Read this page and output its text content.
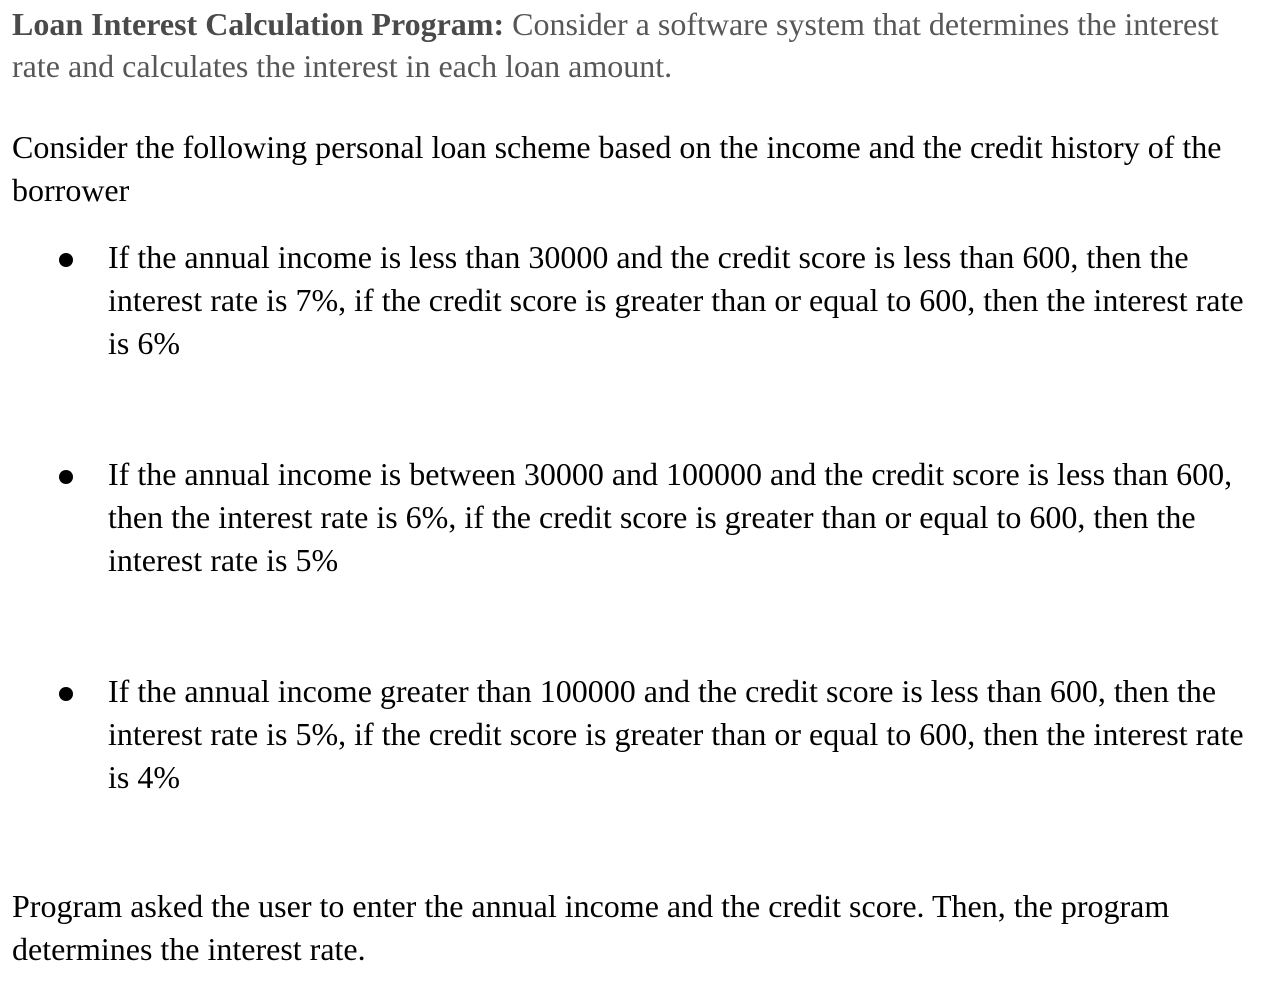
Loan Interest Calculation Program: Consider a software system that determines the interest rate and calculates the interest in each loan amount.

Consider the following personal loan scheme based on the income and the credit history of the borrower

If the annual income is less than 30000 and the credit score is less than 600, then the interest rate is 7%, if the credit score is greater than or equal to 600, then the interest rate is 6%
If the annual income is between 30000 and 100000 and the credit score is less than 600, then the interest rate is 6%, if the credit score is greater than or equal to 600, then the interest rate is 5%
If the annual income greater than 100000 and the credit score is less than 600, then the interest rate is 5%, if the credit score is greater than or equal to 600, then the interest rate is 4%

Program asked the user to enter the annual income and the credit score. Then, the program determines the interest rate.
